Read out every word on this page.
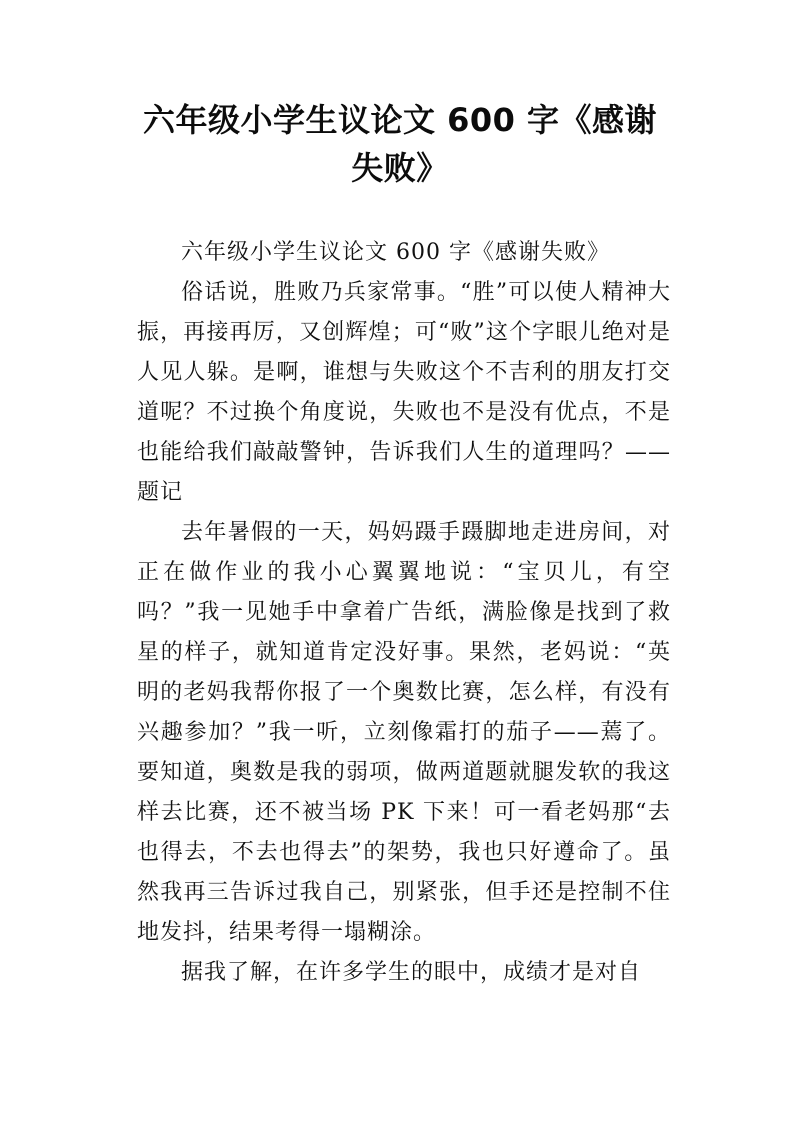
六年级小学生议论文 600 字《感谢失败》

六年级小学生议论文 600 字《感谢失败》

俗话说，胜败乃兵家常事。“胜”可以使人精神大振，再接再厉，又创辉煌；可“败”这个字眼儿绝对是人见人躲。是啊，谁想与失败这个不吉利的朋友打交道呢？不过换个角度说，失败也不是没有优点，不是也能给我们敲敲警钟，告诉我们人生的道理吗？——题记

去年暑假的一天，妈妈蹑手蹑脚地走进房间，对正在做作业的我小心翼翼地说：“宝贝儿，有空吗？”我一见她手中拿着广告纸，满脸像是找到了救星的样子，就知道肯定没好事。果然，老妈说：“英明的老妈我帮你报了一个奥数比赛，怎么样，有没有兴趣参加？”我一听，立刻像霜打的茄子——蔫了。要知道，奥数是我的弱项，做两道题就腿发软的我这样去比赛，还不被当场 PK 下来！可一看老妈那“去也得去，不去也得去”的架势，我也只好遵命了。虽然我再三告诉过我自己，别紧张，但手还是控制不住地发抖，结果考得一塌糊涂。

据我了解，在许多学生的眼中，成绩才是对自
